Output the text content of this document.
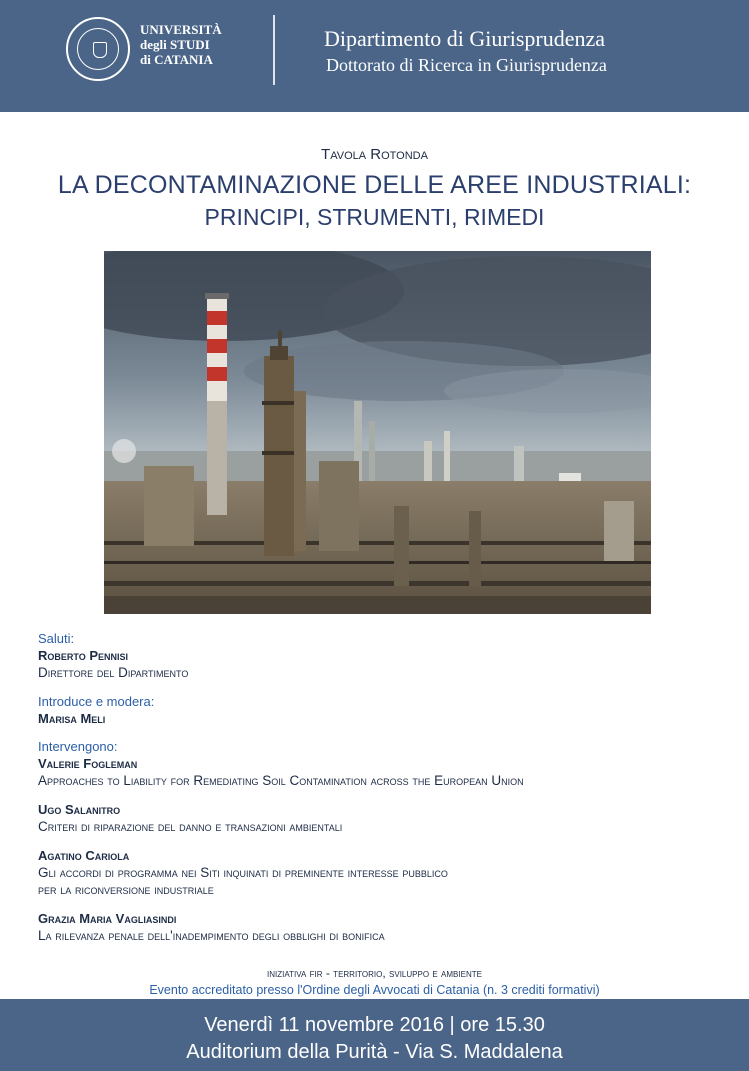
UNIVERSITÀ
degli STUDI
di CATANIA
Dipartimento di Giurisprudenza
Dottorato di Ricerca in Giurisprudenza
Tavola Rotonda
LA DECONTAMINAZIONE DELLE AREE INDUSTRIALI:
PRINCIPI, STRUMENTI, RIMEDI
Saluti:
Roberto Pennisi
Direttore del Dipartimento
Introduce e modera:
Marisa Meli
Intervengono:
Valerie Fogleman
Approaches to Liability for Remediating Soil Contamination across the European Union
Ugo Salanitro
Criteri di riparazione del danno e transazioni ambientali
Agatino Cariola
Gli accordi di programma nei Siti inquinati di preminente interesse pubblico
per la riconversione industriale
Grazia Maria Vagliasindi
La rilevanza penale dell'inadempimento degli obblighi di bonifica
iniziativa fir - territorio, sviluppo e ambiente
Evento accreditato presso l'Ordine degli Avvocati di Catania (n. 3 crediti formativi)
Venerdì 11 novembre 2016 | ore 15.30
Auditorium della Purità - Via S. Maddalena
